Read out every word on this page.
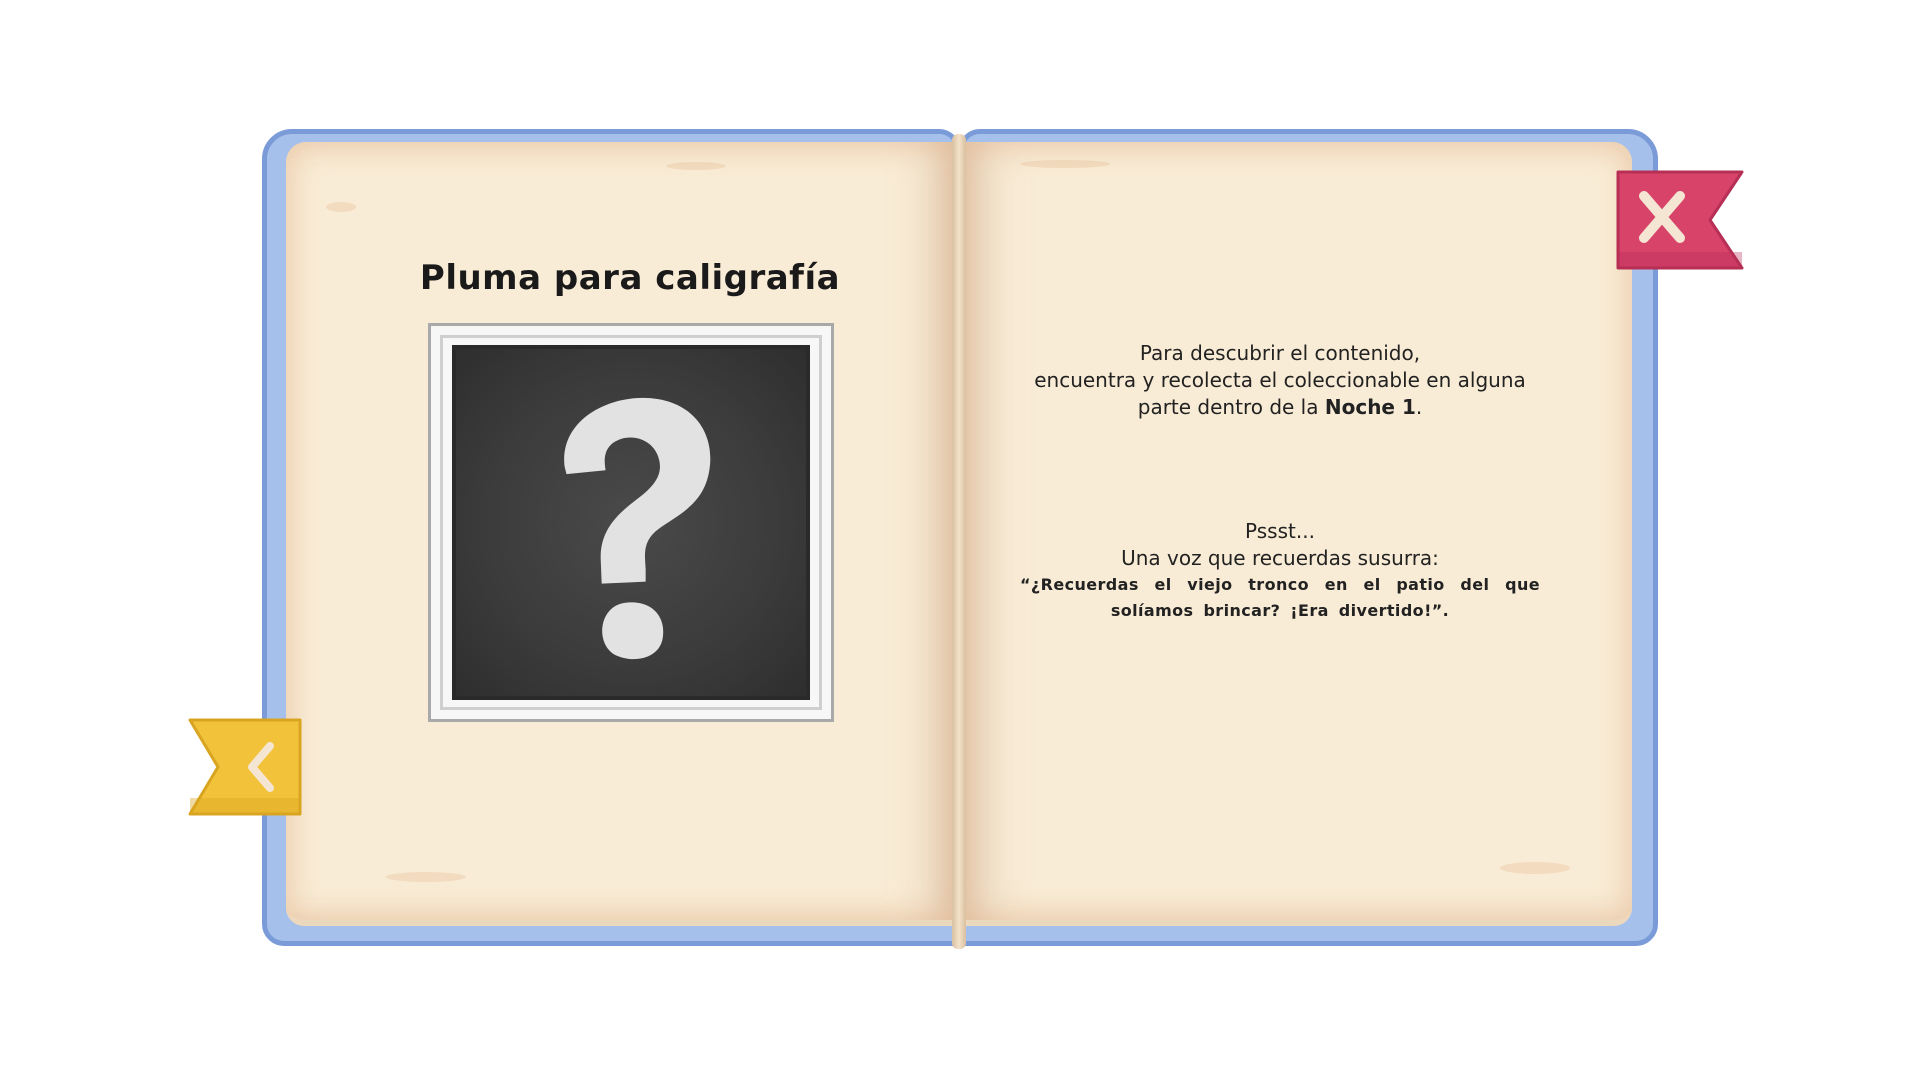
Pluma para caligrafía
Para descubrir el contenido,
encuentra y recolecta el coleccionable en alguna
parte dentro de la Noche 1.
Pssst...
Una voz que recuerdas susurra:
“¿Recuerdas el viejo tronco en el patio del que solíamos brincar? ¡Era divertido!”.
